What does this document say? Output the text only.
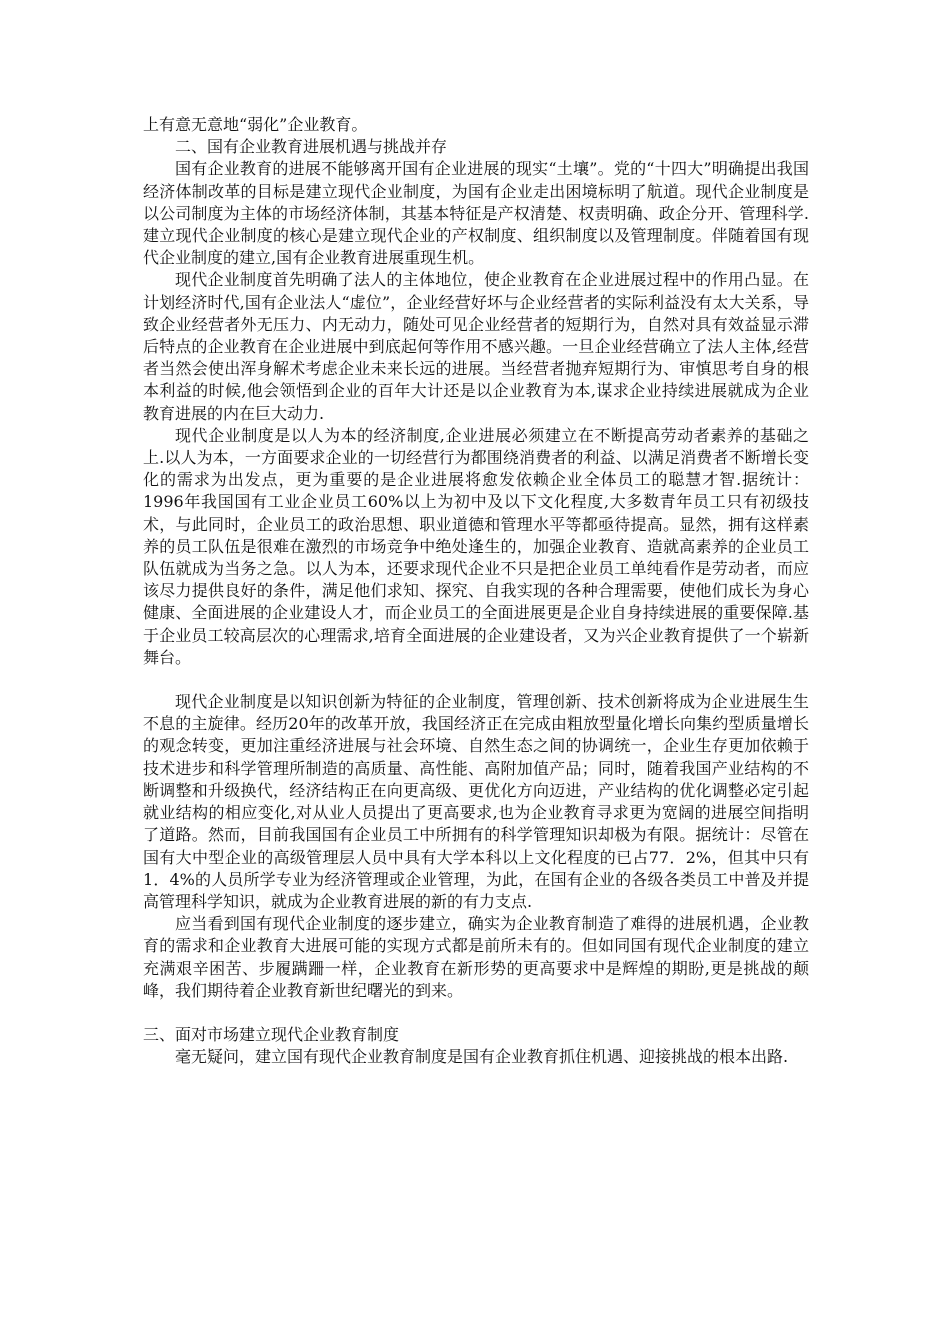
上有意无意地“弱化”企业教育。

二、国有企业教育进展机遇与挑战并存

国有企业教育的进展不能够离开国有企业进展的现实“土壤”。党的“十四大”明确提出我国经济体制改革的目标是建立现代企业制度，为国有企业走出困境标明了航道。现代企业制度是以公司制度为主体的市场经济体制，其基本特征是产权清楚、权责明确、政企分开、管理科学.建立现代企业制度的核心是建立现代企业的产权制度、组织制度以及管理制度。伴随着国有现代企业制度的建立,国有企业教育进展重现生机。

现代企业制度首先明确了法人的主体地位，使企业教育在企业进展过程中的作用凸显。在计划经济时代,国有企业法人“虚位”，企业经营好坏与企业经营者的实际利益没有太大关系，导致企业经营者外无压力、内无动力，随处可见企业经营者的短期行为，自然对具有效益显示滞后特点的企业教育在企业进展中到底起何等作用不感兴趣。一旦企业经营确立了法人主体,经营者当然会使出浑身解术考虑企业未来长远的进展。当经营者抛弃短期行为、审慎思考自身的根本利益的时候,他会领悟到企业的百年大计还是以企业教育为本,谋求企业持续进展就成为企业教育进展的内在巨大动力.

现代企业制度是以人为本的经济制度,企业进展必须建立在不断提高劳动者素养的基础之上.以人为本，一方面要求企业的一切经营行为都围绕消费者的利益、以满足消费者不断增长变化的需求为出发点，更为重要的是企业进展将愈发依赖企业全体员工的聪慧才智.据统计：1996年我国国有工业企业员工60%以上为初中及以下文化程度,大多数青年员工只有初级技术，与此同时，企业员工的政治思想、职业道德和管理水平等都亟待提高。显然，拥有这样素养的员工队伍是很难在激烈的市场竞争中绝处逢生的，加强企业教育、造就高素养的企业员工队伍就成为当务之急。以人为本，还要求现代企业不只是把企业员工单纯看作是劳动者，而应该尽力提供良好的条件，满足他们求知、探究、自我实现的各种合理需要，使他们成长为身心健康、全面进展的企业建设人才，而企业员工的全面进展更是企业自身持续进展的重要保障.基于企业员工较高层次的心理需求,培育全面进展的企业建设者，又为兴企业教育提供了一个崭新舞台。

现代企业制度是以知识创新为特征的企业制度，管理创新、技术创新将成为企业进展生生不息的主旋律。经历20年的改革开放，我国经济正在完成由粗放型量化增长向集约型质量增长的观念转变，更加注重经济进展与社会环境、自然生态之间的协调统一，企业生存更加依赖于技术进步和科学管理所制造的高质量、高性能、高附加值产品；同时，随着我国产业结构的不断调整和升级换代，经济结构正在向更高级、更优化方向迈进，产业结构的优化调整必定引起就业结构的相应变化,对从业人员提出了更高要求,也为企业教育寻求更为宽阔的进展空间指明了道路。然而，目前我国国有企业员工中所拥有的科学管理知识却极为有限。据统计：尽管在国有大中型企业的高级管理层人员中具有大学本科以上文化程度的已占77．2%，但其中只有1．4%的人员所学专业为经济管理或企业管理，为此，在国有企业的各级各类员工中普及并提高管理科学知识，就成为企业教育进展的新的有力支点.

应当看到国有现代企业制度的逐步建立，确实为企业教育制造了难得的进展机遇，企业教育的需求和企业教育大进展可能的实现方式都是前所未有的。但如同国有现代企业制度的建立充满艰辛困苦、步履蹒跚一样，企业教育在新形势的更高要求中是辉煌的期盼,更是挑战的颠峰，我们期待着企业教育新世纪曙光的到来。

三、面对市场建立现代企业教育制度

毫无疑问，建立国有现代企业教育制度是国有企业教育抓住机遇、迎接挑战的根本出路.
